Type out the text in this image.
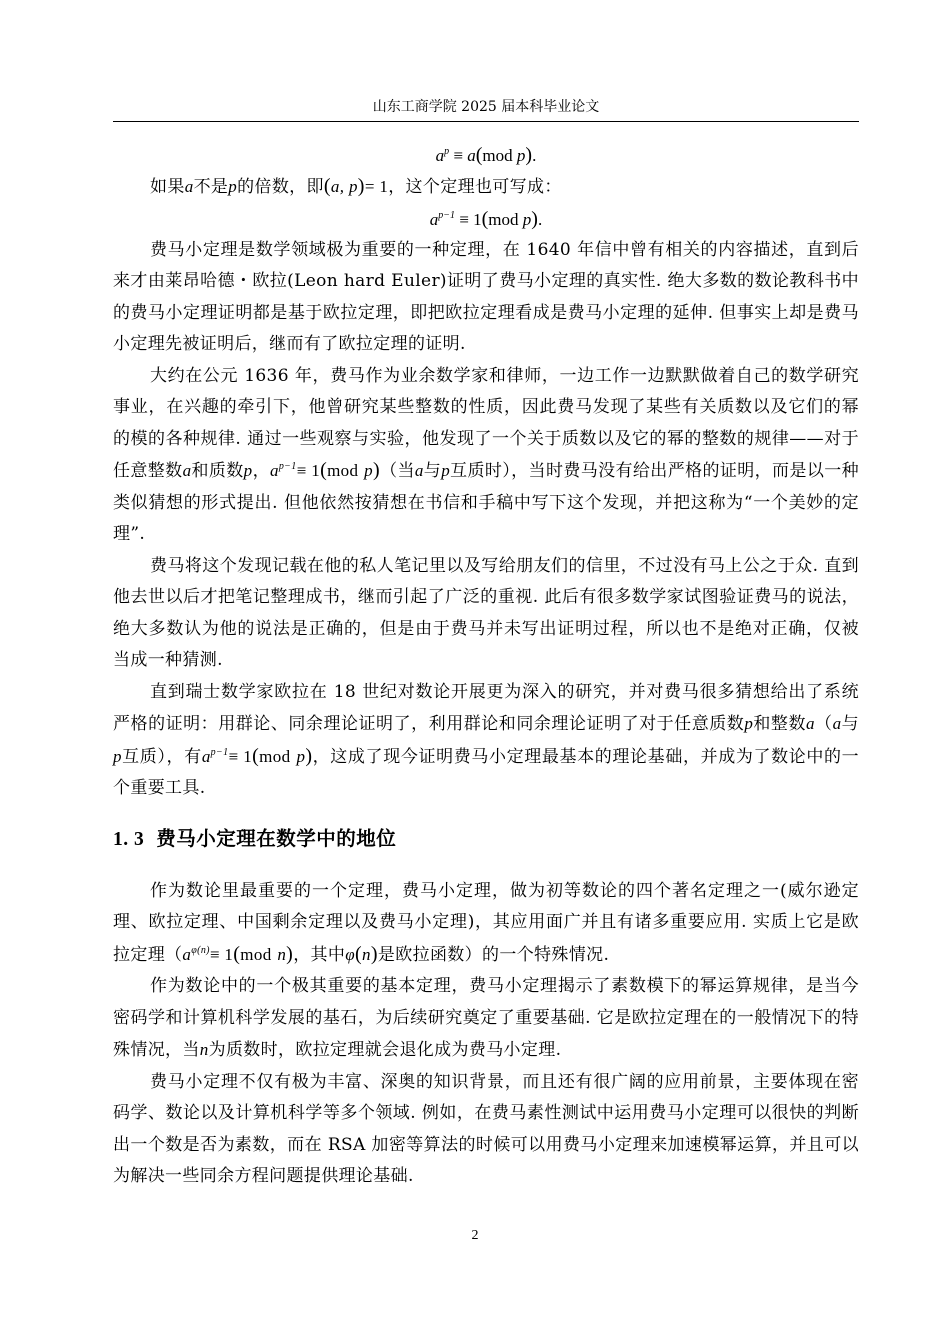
山东工商学院 2025 届本科毕业论文

$a^p \equiv a(mod$ p).

如果a不是p的倍数，即(a, p)= 1，这个定理也可写成：

$a^{p-1} \equiv 1(mod$ p).

费马小定理是数学领域极为重要的一种定理，在 1640 年信中曾有相关的内容描述，直到后来才由莱昂哈德・欧拉(Leon hard Euler)证明了费马小定理的真实性. 绝大多数的数论教科书中的费马小定理证明都是基于欧拉定理，即把欧拉定理看成是费马小定理的延伸. 但事实上却是费马小定理先被证明后，继而有了欧拉定理的证明.

大约在公元 1636 年，费马作为业余数学家和律师，一边工作一边默默做着自己的数学研究事业，在兴趣的牵引下，他曾研究某些整数的性质，因此费马发现了某些有关质数以及它们的幂的模的各种规律. 通过一些观察与实验，他发现了一个关于质数以及它的幂的整数的规律——对于任意整数a和质数p，$a^{p-1}\equiv 1(mod$ p)（当a与p互质时），当时费马没有给出严格的证明，而是以一种类似猜想的形式提出. 但他依然按猜想在书信和手稿中写下这个发现，并把这称为“一个美妙的定理”.

费马将这个发现记载在他的私人笔记里以及写给朋友们的信里，不过没有马上公之于众. 直到他去世以后才把笔记整理成书，继而引起了广泛的重视. 此后有很多数学家试图验证费马的说法，绝大多数认为他的说法是正确的，但是由于费马并未写出证明过程，所以也不是绝对正确，仅被当成一种猜测.

直到瑞士数学家欧拉在 18 世纪对数论开展更为深入的研究，并对费马很多猜想给出了系统严格的证明：用群论、同余理论证明了，利用群论和同余理论证明了对于任意质数p和整数a（a与p互质），有$a^{p-1}\equiv 1(mod$ p)，这成了现今证明费马小定理最基本的理论基础，并成为了数论中的一个重要工具.

1. 3 费马小定理在数学中的地位

作为数论里最重要的一个定理，费马小定理，做为初等数论的四个著名定理之一(威尔逊定理、欧拉定理、中国剩余定理以及费马小定理)，其应用面广并且有诸多重要应用. 实质上它是欧拉定理（$a^{\varphi(n)}\equiv 1(mod$ n)，其中φ(n)是欧拉函数）的一个特殊情况.

作为数论中的一个极其重要的基本定理，费马小定理揭示了素数模下的幂运算规律，是当今密码学和计算机科学发展的基石，为后续研究奠定了重要基础. 它是欧拉定理在的一般情况下的特殊情况，当n为质数时，欧拉定理就会退化成为费马小定理.

费马小定理不仅有极为丰富、深奥的知识背景，而且还有很广阔的应用前景，主要体现在密码学、数论以及计算机科学等多个领域. 例如，在费马素性测试中运用费马小定理可以很快的判断出一个数是否为素数，而在 RSA 加密等算法的时候可以用费马小定理来加速模幂运算，并且可以为解决一些同余方程问题提供理论基础.

2
